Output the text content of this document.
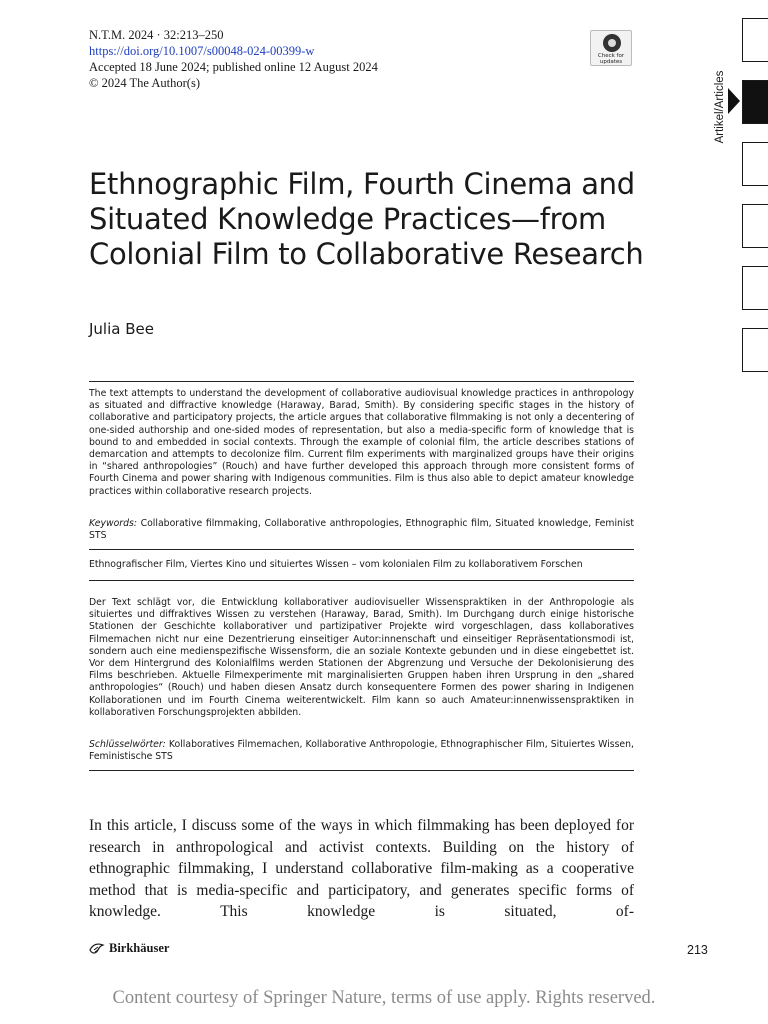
N.T.M. 2024 · 32:213–250
https://doi.org/10.1007/s00048-024-00399-w
Accepted 18 June 2024; published online 12 August 2024
© 2024 The Author(s)
Check for updates
Artikel/Articles
Ethnographic Film, Fourth Cinema and Situated Knowledge Practices—from Colonial Film to Collaborative Research
Julia Bee

The text attempts to understand the development of collaborative audiovisual knowledge practices in anthropology as situated and diffractive knowledge (Haraway, Barad, Smith). By considering specific stages in the history of collaborative and participatory projects, the article argues that collaborative filmmaking is not only a decentering of one-sided authorship and one-sided modes of representation, but also a media-specific form of knowledge that is bound to and embedded in social contexts. Through the example of colonial film, the article describes stations of demarcation and attempts to decolonize film. Current film experiments with marginalized groups have their origins in “shared anthropologies” (Rouch) and have further developed this approach through more consistent forms of Fourth Cinema and power sharing with Indigenous communities. Film is thus also able to depict amateur knowledge practices within collaborative research projects.

Keywords: Collaborative filmmaking, Collaborative anthropologies, Ethnographic film, Situated knowledge, Feminist STS

Ethnografischer Film, Viertes Kino und situiertes Wissen – vom kolonialen Film zu kollaborativem Forschen

Der Text schlägt vor, die Entwicklung kollaborativer audiovisueller Wissenspraktiken in der Anthropologie als situiertes und diffraktives Wissen zu verstehen (Haraway, Barad, Smith). Im Durchgang durch einige historische Stationen der Geschichte kollaborativer und partizipativer Projekte wird vorgeschlagen, dass kollaboratives Filmemachen nicht nur eine Dezentrierung einseitiger Autor:innenschaft und einseitiger Repräsentationsmodi ist, sondern auch eine medienspezifische Wissensform, die an soziale Kontexte gebunden und in diese eingebettet ist. Vor dem Hintergrund des Kolonialfilms werden Stationen der Abgrenzung und Versuche der Dekolonisierung des Films beschrieben. Aktuelle Filmexperimente mit marginalisierten Gruppen haben ihren Ursprung in den „shared anthropologies“ (Rouch) und haben diesen Ansatz durch konsequentere Formen des power sharing in Indigenen Kollaborationen und im Fourth Cinema weiterentwickelt. Film kann so auch Amateur:innenwissenspraktiken in kollaborativen Forschungsprojekten abbilden.

Schlüsselwörter: Kollaboratives Filmemachen, Kollaborative Anthropologie, Ethnographischer Film, Situiertes Wissen, Feministische STS

In this article, I discuss some of the ways in which filmmaking has been deployed for research in anthropological and activist contexts. Building on the history of ethnographic filmmaking, I understand collaborative film-making as a cooperative method that is media-specific and participatory, and generates specific forms of knowledge. This knowledge is situated, of-

Birkhäuser	213
Content courtesy of Springer Nature, terms of use apply. Rights reserved.
